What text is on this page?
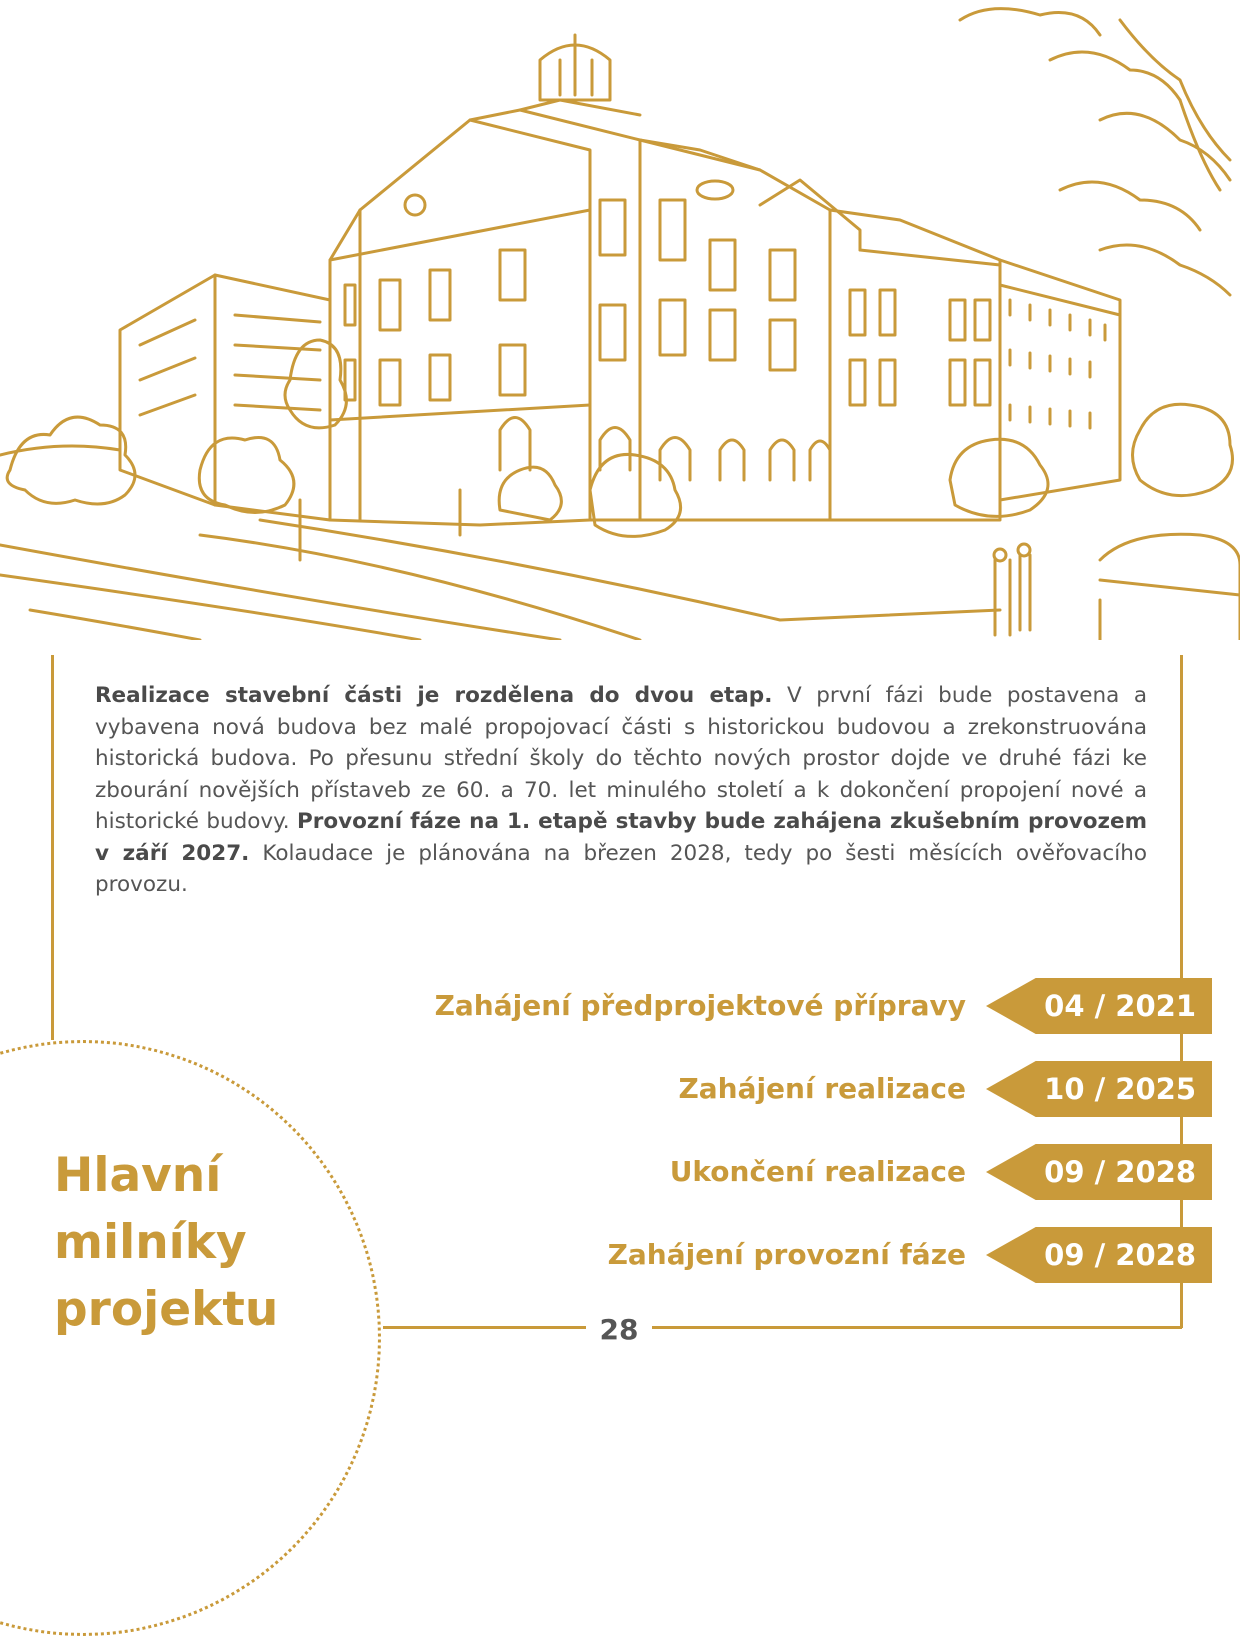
Realizace stavební části je rozdělena do dvou etap. V první fázi bude postavena a vybavena nová budova bez malé propojovací části s historickou budovou a zrekonstruována historická budova. Po přesunu střední školy do těchto nových prostor dojde ve druhé fázi ke zbourání novějších přístaveb ze 60. a 70. let minulého století a k dokončení propojení nové a historické budovy. Provozní fáze na 1. etapě stavby bude zahájena zkušebním provozem v září 2027. Kolaudace je plánována na březen 2028, tedy po šesti měsících ověřovacího provozu.

Hlavní
milníky
projektu
Zahájení předprojektové přípravy	04 / 2021
Zahájení realizace	10 / 2025
Ukončení realizace	09 / 2028
Zahájení provozní fáze	09 / 2028
28
